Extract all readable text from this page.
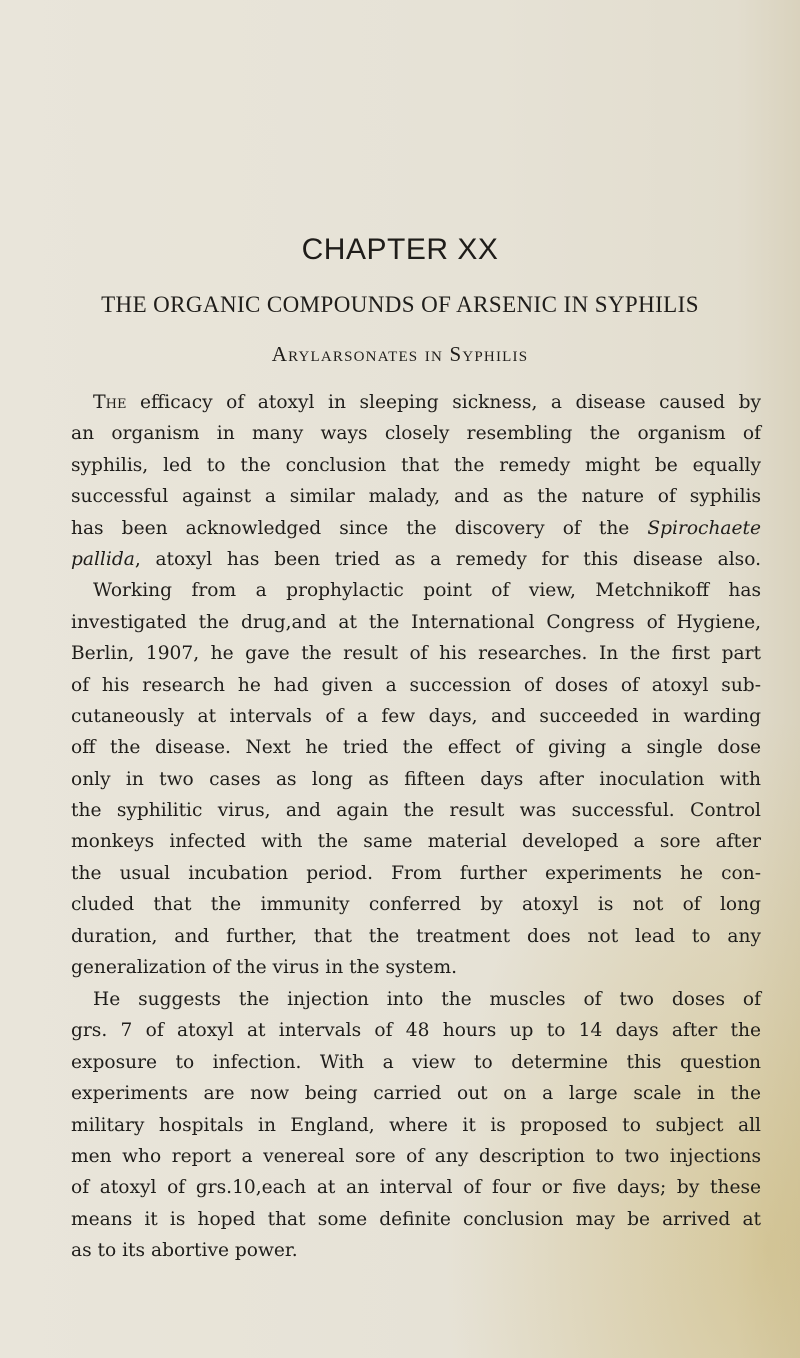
CHAPTER XX
THE ORGANIC COMPOUNDS OF ARSENIC IN SYPHILIS
Arylarsonates in Syphilis
The efficacy of atoxyl in sleeping sickness, a disease caused by
an organism in many ways closely resembling the organism of
syphilis, led to the conclusion that the remedy might be equally
successful against a similar malady, and as the nature of syphilis
has been acknowledged since the discovery of the Spirochaete
pallida, atoxyl has been tried as a remedy for this disease also.
Working from a prophylactic point of view, Metchnikoff has
investigated the drug,and at the International Congress of Hygiene,
Berlin, 1907, he gave the result of his researches. In the first part
of his research he had given a succession of doses of atoxyl sub-
cutaneously at intervals of a few days, and succeeded in warding
off the disease. Next he tried the effect of giving a single dose
only in two cases as long as fifteen days after inoculation with
the syphilitic virus, and again the result was successful. Control
monkeys infected with the same material developed a sore after
the usual incubation period. From further experiments he con-
cluded that the immunity conferred by atoxyl is not of long
duration, and further, that the treatment does not lead to any
generalization of the virus in the system.
He suggests the injection into the muscles of two doses of
grs. 7 of atoxyl at intervals of 48 hours up to 14 days after the
exposure to infection. With a view to determine this question
experiments are now being carried out on a large scale in the
military hospitals in England, where it is proposed to subject all
men who report a venereal sore of any description to two injections
of atoxyl of grs.10,each at an interval of four or five days; by these
means it is hoped that some definite conclusion may be arrived at
as to its abortive power.
